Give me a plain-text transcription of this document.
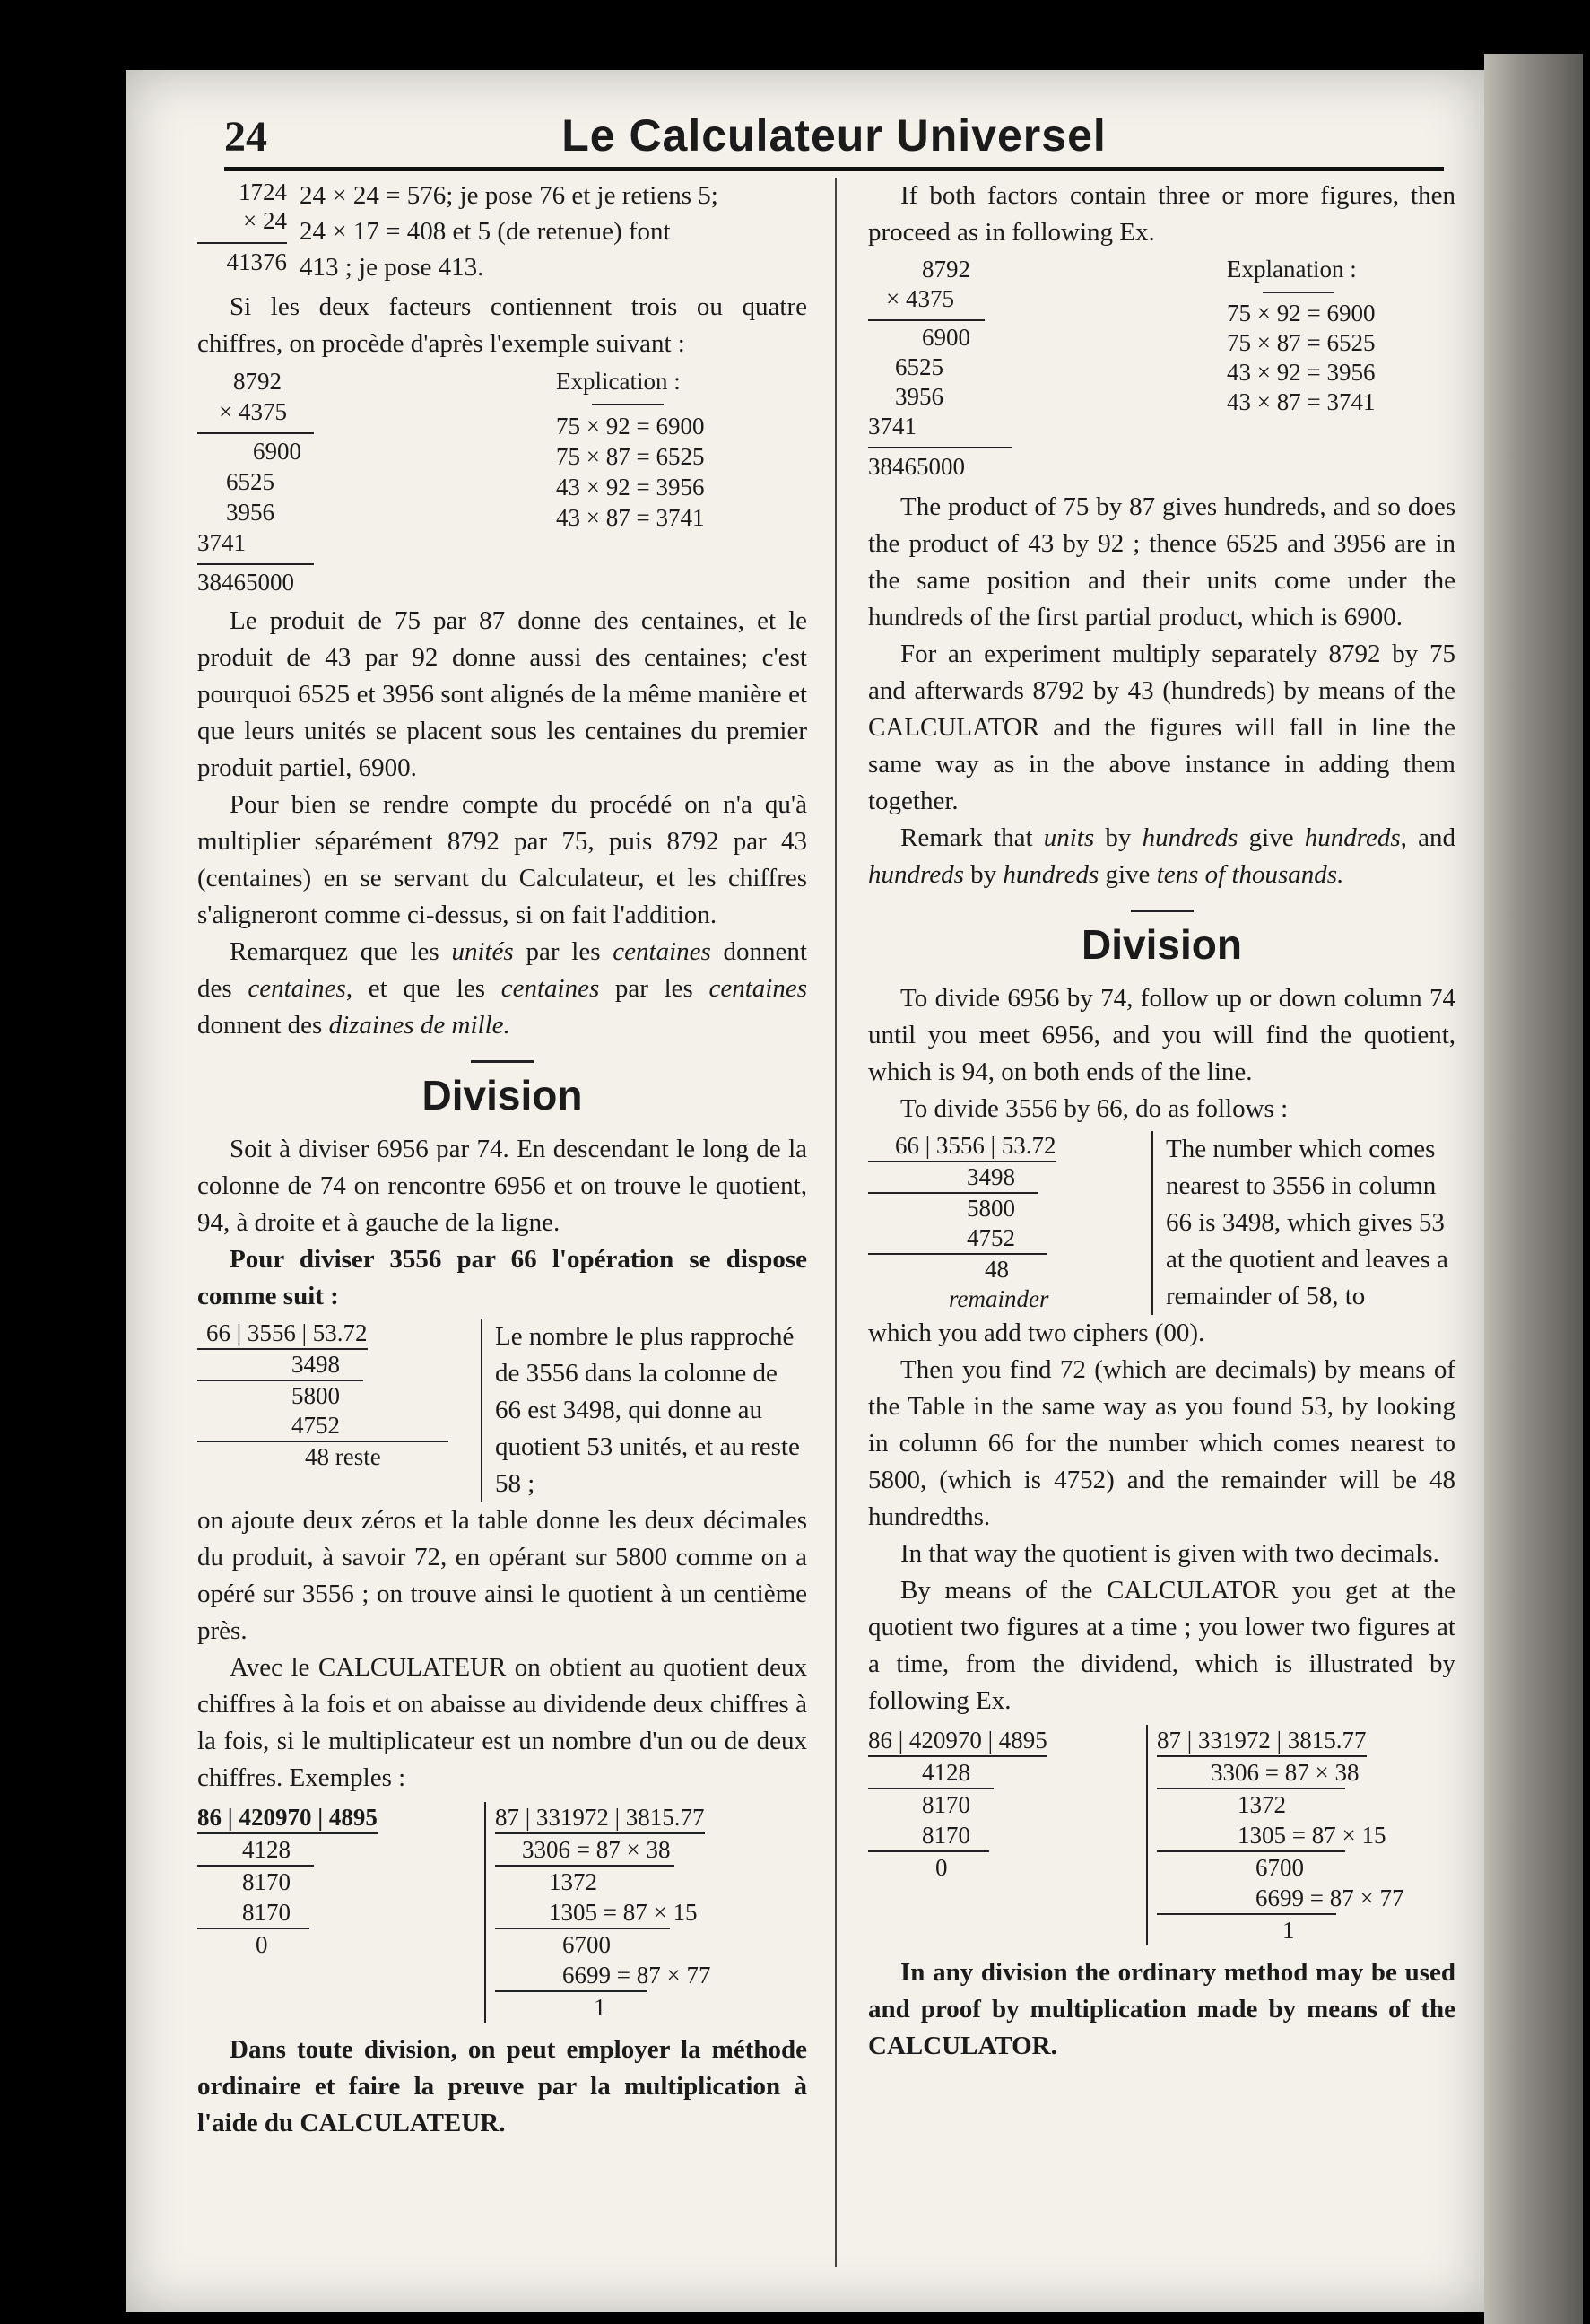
24	Le Calculateur Universel
1724
× 24
41376
24 × 24 = 576; je pose 76 et je retiens 5;
24 × 17 = 408 et 5 (de retenue) font
413 ; je pose 413.

Si les deux facteurs contiennent trois ou quatre chiffres, on procède d'après l'exemple suivant :

8792
× 4375
6900
6525
3956
3741
38465000
Explication :
75 × 92 = 6900
75 × 87 = 6525
43 × 92 = 3956
43 × 87 = 3741

Le produit de 75 par 87 donne des centaines, et le produit de 43 par 92 donne aussi des centaines; c'est pourquoi 6525 et 3956 sont alignés de la même manière et que leurs unités se placent sous les centaines du premier produit partiel, 6900.

Pour bien se rendre compte du procédé on n'a qu'à multiplier séparément 8792 par 75, puis 8792 par 43 (centaines) en se servant du Calculateur, et les chiffres s'aligneront comme ci-dessus, si on fait l'addition.

Remarquez que les unités par les centaines donnent des centaines, et que les centaines par les centaines donnent des dizaines de mille.

Division

Soit à diviser 6956 par 74. En descendant le long de la colonne de 74 on rencontre 6956 et on trouve le quotient, 94, à droite et à gauche de la ligne.

Pour diviser 3556 par 66 l'opération se dispose comme suit :

66 | 3556 | 53.72
3498
5800
4752
48 reste
Le nombre le plus rapproché de 3556 dans la colonne de 66 est 3498, qui donne au quotient 53 unités, et au reste 58 ;

on ajoute deux zéros et la table donne les deux décimales du produit, à savoir 72, en opérant sur 5800 comme on a opéré sur 3556 ; on trouve ainsi le quotient à un centième près.

Avec le CALCULATEUR on obtient au quotient deux chiffres à la fois et on abaisse au dividende deux chiffres à la fois, si le multiplicateur est un nombre d'un ou de deux chiffres. Exemples :

86 | 420970 | 4895
4128
8170
8170
0
87 | 331972 | 3815.77
3306 = 87 × 38
1372
1305 = 87 × 15
6700
6699 = 87 × 77
1

Dans toute division, on peut employer la méthode ordinaire et faire la preuve par la multiplication à l'aide du CALCULATEUR.

If both factors contain three or more figures, then proceed as in following Ex.

8792
× 4375
6900
6525
3956
3741
Explanation :
75 × 92 = 6900
75 × 87 = 6525
43 × 92 = 3956
43 × 87 = 3741
38465000

The product of 75 by 87 gives hundreds, and so does the product of 43 by 92 ; thence 6525 and 3956 are in the same position and their units come under the hundreds of the first partial product, which is 6900.

For an experiment multiply separately 8792 by 75 and afterwards 8792 by 43 (hundreds) by means of the CALCULATOR and the figures will fall in line the same way as in the above instance in adding them together.

Remark that units by hundreds give hundreds, and hundreds by hundreds give tens of thousands.

Division

To divide 6956 by 74, follow up or down column 74 until you meet 6956, and you will find the quotient, which is 94, on both ends of the line.

To divide 3556 by 66, do as follows :

66 | 3556 | 53.72
3498
5800
4752
48
remainder
The number which comes nearest to 3556 in column 66 is 3498, which gives 53 at the quotient and leaves a remainder of 58, to

which you add two ciphers (00).

Then you find 72 (which are decimals) by means of the Table in the same way as you found 53, by looking in column 66 for the number which comes nearest to 5800, (which is 4752) and the remainder will be 48 hundredths.

In that way the quotient is given with two decimals.

By means of the CALCULATOR you get at the quotient two figures at a time ; you lower two figures at a time, from the dividend, which is illustrated by following Ex.

86 | 420970 | 4895
4128
8170
8170
0
87 | 331972 | 3815.77
3306 = 87 × 38
1372
1305 = 87 × 15
6700
6699 = 87 × 77
1

In any division the ordinary method may be used and proof by multiplication made by means of the CALCULATOR.
